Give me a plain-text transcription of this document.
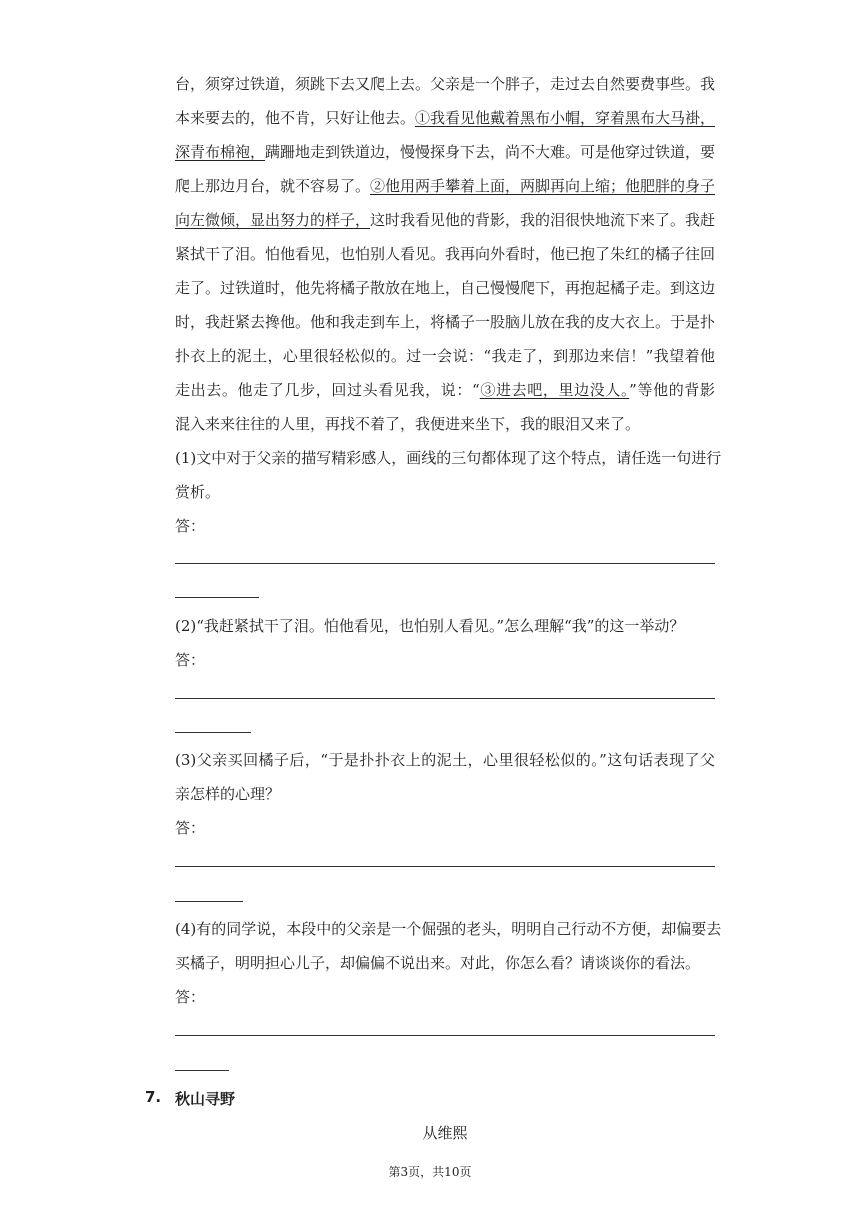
台，须穿过铁道，须跳下去又爬上去。父亲是一个胖子，走过去自然要费事些。我
本来要去的，他不肯，只好让他去。①我看见他戴着黑布小帽，穿着黑布大马褂，
深青布棉袍，蹒跚地走到铁道边，慢慢探身下去，尚不大难。可是他穿过铁道，要
爬上那边月台，就不容易了。②他用两手攀着上面，两脚再向上缩；他肥胖的身子
向左微倾，显出努力的样子，这时我看见他的背影，我的泪很快地流下来了。我赶
紧拭干了泪。怕他看见，也怕别人看见。我再向外看时，他已抱了朱红的橘子往回
走了。过铁道时，他先将橘子散放在地上，自己慢慢爬下，再抱起橘子走。到这边
时，我赶紧去搀他。他和我走到车上，将橘子一股脑儿放在我的皮大衣上。于是扑
扑衣上的泥土，心里很轻松似的。过一会说：“我走了，到那边来信！”我望着他
走出去。他走了几步，回过头看见我，说：“③进去吧，里边没人。”等他的背影
混入来来往往的人里，再找不着了，我便进来坐下，我的眼泪又来了。
(1)文中对于父亲的描写精彩感人，画线的三句都体现了这个特点，请任选一句进行
赏析。
答：
(2)“我赶紧拭干了泪。怕他看见，也怕别人看见。”怎么理解“我”的这一举动？
答：
(3)父亲买回橘子后，“于是扑扑衣上的泥土，心里很轻松似的。”这句话表现了父
亲怎样的心理？
答：
(4)有的同学说，本段中的父亲是一个倔强的老头，明明自己行动不方便，却偏要去
买橘子，明明担心儿子，却偏偏不说出来。对此，你怎么看？请谈谈你的看法。
答：
7. 秋山寻野
从维熙
第3页，共10页
